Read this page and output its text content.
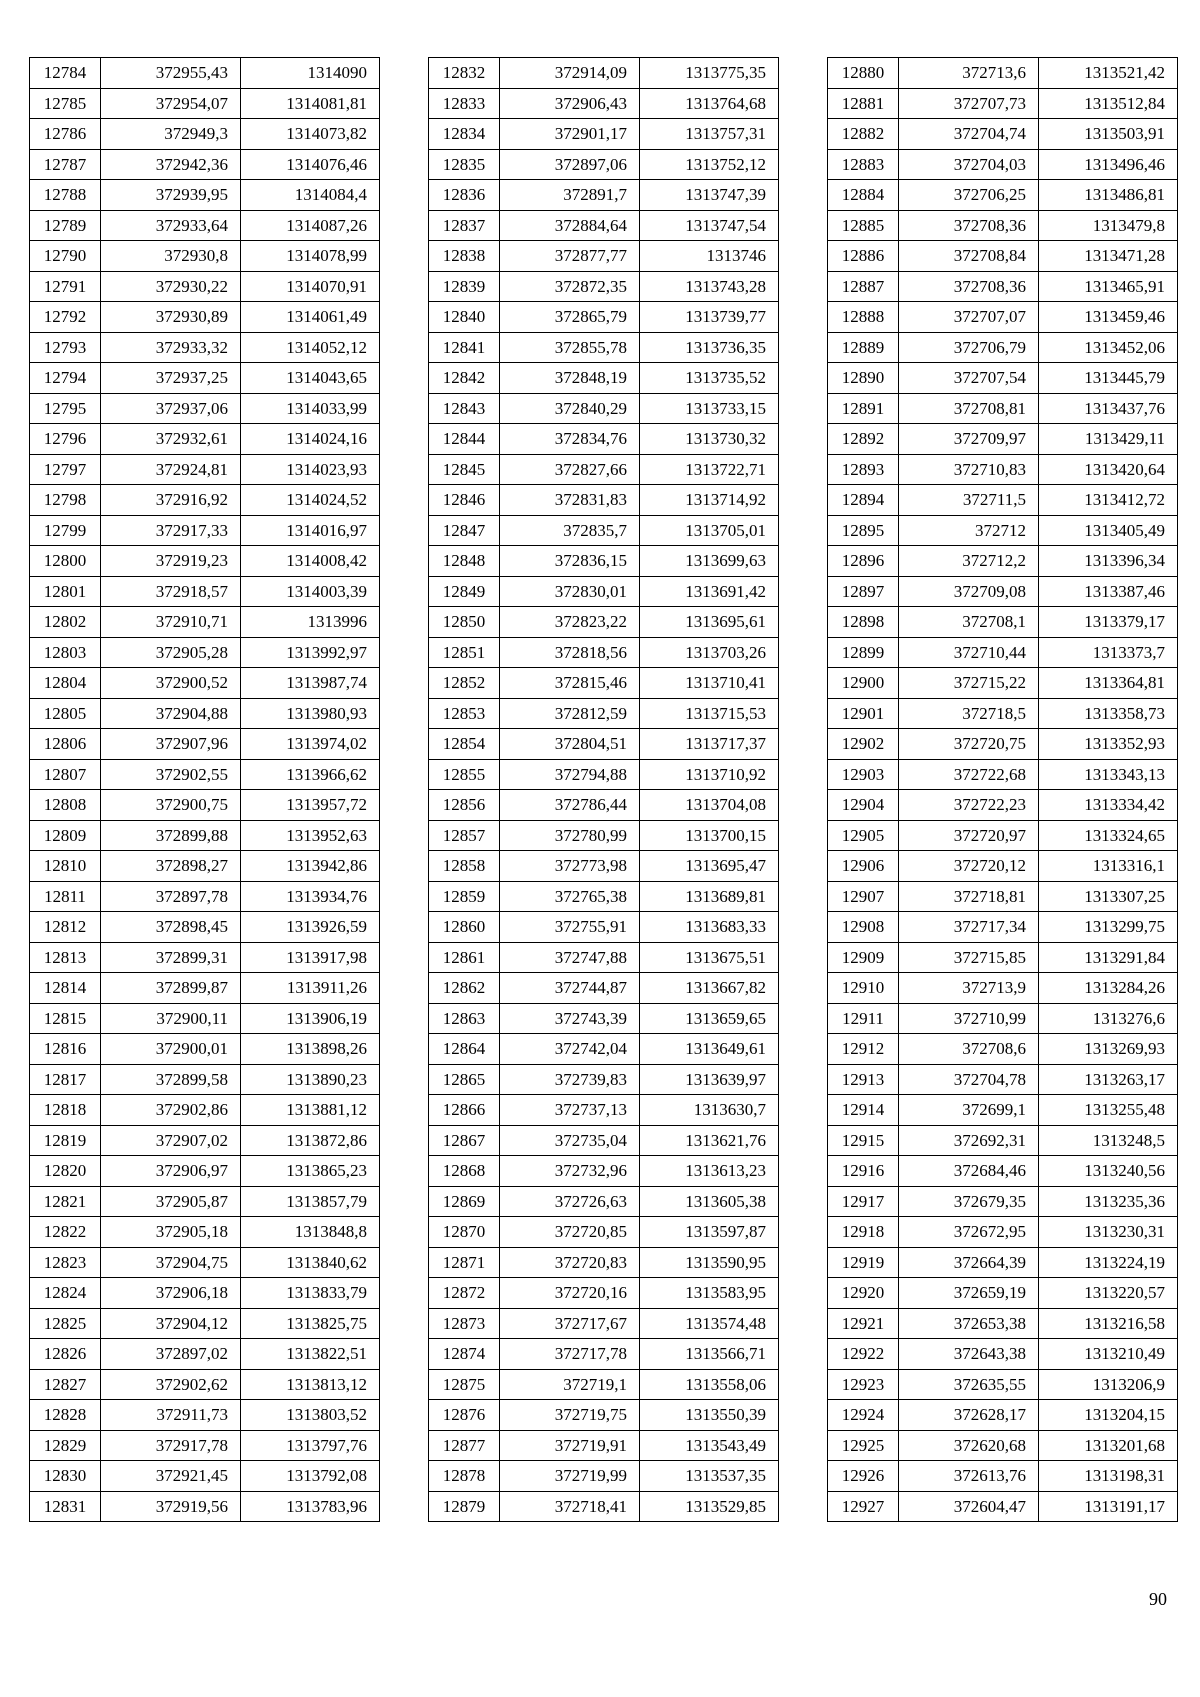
12784	372955,43	1314090
12785	372954,07	1314081,81
12786	372949,3	1314073,82
12787	372942,36	1314076,46
12788	372939,95	1314084,4
12789	372933,64	1314087,26
12790	372930,8	1314078,99
12791	372930,22	1314070,91
12792	372930,89	1314061,49
12793	372933,32	1314052,12
12794	372937,25	1314043,65
12795	372937,06	1314033,99
12796	372932,61	1314024,16
12797	372924,81	1314023,93
12798	372916,92	1314024,52
12799	372917,33	1314016,97
12800	372919,23	1314008,42
12801	372918,57	1314003,39
12802	372910,71	1313996
12803	372905,28	1313992,97
12804	372900,52	1313987,74
12805	372904,88	1313980,93
12806	372907,96	1313974,02
12807	372902,55	1313966,62
12808	372900,75	1313957,72
12809	372899,88	1313952,63
12810	372898,27	1313942,86
12811	372897,78	1313934,76
12812	372898,45	1313926,59
12813	372899,31	1313917,98
12814	372899,87	1313911,26
12815	372900,11	1313906,19
12816	372900,01	1313898,26
12817	372899,58	1313890,23
12818	372902,86	1313881,12
12819	372907,02	1313872,86
12820	372906,97	1313865,23
12821	372905,87	1313857,79
12822	372905,18	1313848,8
12823	372904,75	1313840,62
12824	372906,18	1313833,79
12825	372904,12	1313825,75
12826	372897,02	1313822,51
12827	372902,62	1313813,12
12828	372911,73	1313803,52
12829	372917,78	1313797,76
12830	372921,45	1313792,08
12831	372919,56	1313783,96
12832	372914,09	1313775,35
12833	372906,43	1313764,68
12834	372901,17	1313757,31
12835	372897,06	1313752,12
12836	372891,7	1313747,39
12837	372884,64	1313747,54
12838	372877,77	1313746
12839	372872,35	1313743,28
12840	372865,79	1313739,77
12841	372855,78	1313736,35
12842	372848,19	1313735,52
12843	372840,29	1313733,15
12844	372834,76	1313730,32
12845	372827,66	1313722,71
12846	372831,83	1313714,92
12847	372835,7	1313705,01
12848	372836,15	1313699,63
12849	372830,01	1313691,42
12850	372823,22	1313695,61
12851	372818,56	1313703,26
12852	372815,46	1313710,41
12853	372812,59	1313715,53
12854	372804,51	1313717,37
12855	372794,88	1313710,92
12856	372786,44	1313704,08
12857	372780,99	1313700,15
12858	372773,98	1313695,47
12859	372765,38	1313689,81
12860	372755,91	1313683,33
12861	372747,88	1313675,51
12862	372744,87	1313667,82
12863	372743,39	1313659,65
12864	372742,04	1313649,61
12865	372739,83	1313639,97
12866	372737,13	1313630,7
12867	372735,04	1313621,76
12868	372732,96	1313613,23
12869	372726,63	1313605,38
12870	372720,85	1313597,87
12871	372720,83	1313590,95
12872	372720,16	1313583,95
12873	372717,67	1313574,48
12874	372717,78	1313566,71
12875	372719,1	1313558,06
12876	372719,75	1313550,39
12877	372719,91	1313543,49
12878	372719,99	1313537,35
12879	372718,41	1313529,85
12880	372713,6	1313521,42
12881	372707,73	1313512,84
12882	372704,74	1313503,91
12883	372704,03	1313496,46
12884	372706,25	1313486,81
12885	372708,36	1313479,8
12886	372708,84	1313471,28
12887	372708,36	1313465,91
12888	372707,07	1313459,46
12889	372706,79	1313452,06
12890	372707,54	1313445,79
12891	372708,81	1313437,76
12892	372709,97	1313429,11
12893	372710,83	1313420,64
12894	372711,5	1313412,72
12895	372712	1313405,49
12896	372712,2	1313396,34
12897	372709,08	1313387,46
12898	372708,1	1313379,17
12899	372710,44	1313373,7
12900	372715,22	1313364,81
12901	372718,5	1313358,73
12902	372720,75	1313352,93
12903	372722,68	1313343,13
12904	372722,23	1313334,42
12905	372720,97	1313324,65
12906	372720,12	1313316,1
12907	372718,81	1313307,25
12908	372717,34	1313299,75
12909	372715,85	1313291,84
12910	372713,9	1313284,26
12911	372710,99	1313276,6
12912	372708,6	1313269,93
12913	372704,78	1313263,17
12914	372699,1	1313255,48
12915	372692,31	1313248,5
12916	372684,46	1313240,56
12917	372679,35	1313235,36
12918	372672,95	1313230,31
12919	372664,39	1313224,19
12920	372659,19	1313220,57
12921	372653,38	1313216,58
12922	372643,38	1313210,49
12923	372635,55	1313206,9
12924	372628,17	1313204,15
12925	372620,68	1313201,68
12926	372613,76	1313198,31
12927	372604,47	1313191,17
90
